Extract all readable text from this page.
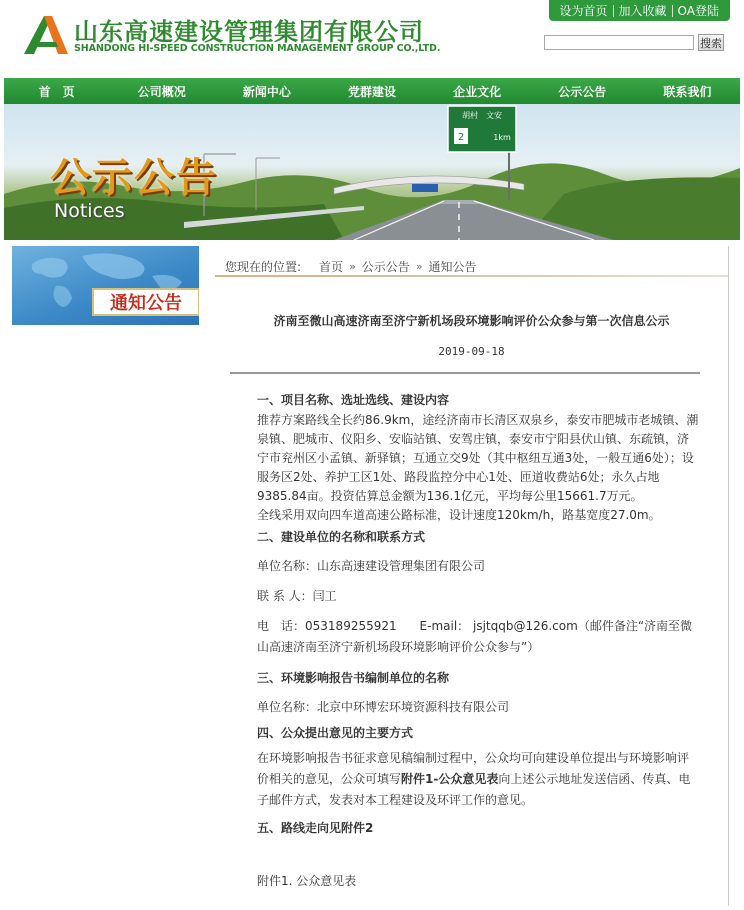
山东高速建设管理集团有限公司
SHANDONG HI-SPEED CONSTRUCTION MANAGEMENT GROUP CO.,LTD.
设为首页 加入收藏 OA登陆
搜索
首　页	公司概况	新闻中心	党群建设	企业文化	公示公告	联系我们
胡村　文安
2	1km
公示公告
Notices
通知公告
您现在的位置: 首页 » 公示公告 » 通知公告
济南至微山高速济南至济宁新机场段环境影响评价公众参与第一次信息公示
2019-09-18
一、项目名称、选址选线、建设内容
推荐方案路线全长约86.9km，途经济南市长清区双泉乡，泰安市肥城市老城镇、潮泉镇、肥城市、仪阳乡、安临站镇、安驾庄镇，泰安市宁阳县伏山镇、东疏镇，济宁市兖州区小孟镇、新驿镇；互通立交9处（其中枢纽互通3处，一般互通6处）；设服务区2处、养护工区1处、路段监控分中心1处、匝道收费站6处；永久占地9385.84亩。投资估算总金额为136.1亿元，平均每公里15661.7万元。
全线采用双向四车道高速公路标准，设计速度120km/h，路基宽度27.0m。
二、建设单位的名称和联系方式
单位名称：山东高速建设管理集团有限公司
联 系 人：闫工
电　话：053189255921 E-mail： jsjtqqb@126.com（邮件备注“济南至微山高速济南至济宁新机场段环境影响评价公众参与”）
三、环境影响报告书编制单位的名称
单位名称：北京中环博宏环境资源科技有限公司
四、公众提出意见的主要方式
在环境影响报告书征求意见稿编制过程中，公众均可向建设单位提出与环境影响评价相关的意见，公众可填写附件1-公众意见表向上述公示地址发送信函、传真、电子邮件方式，发表对本工程建设及环评工作的意见。
五、路线走向见附件2
附件1. 公众意见表
